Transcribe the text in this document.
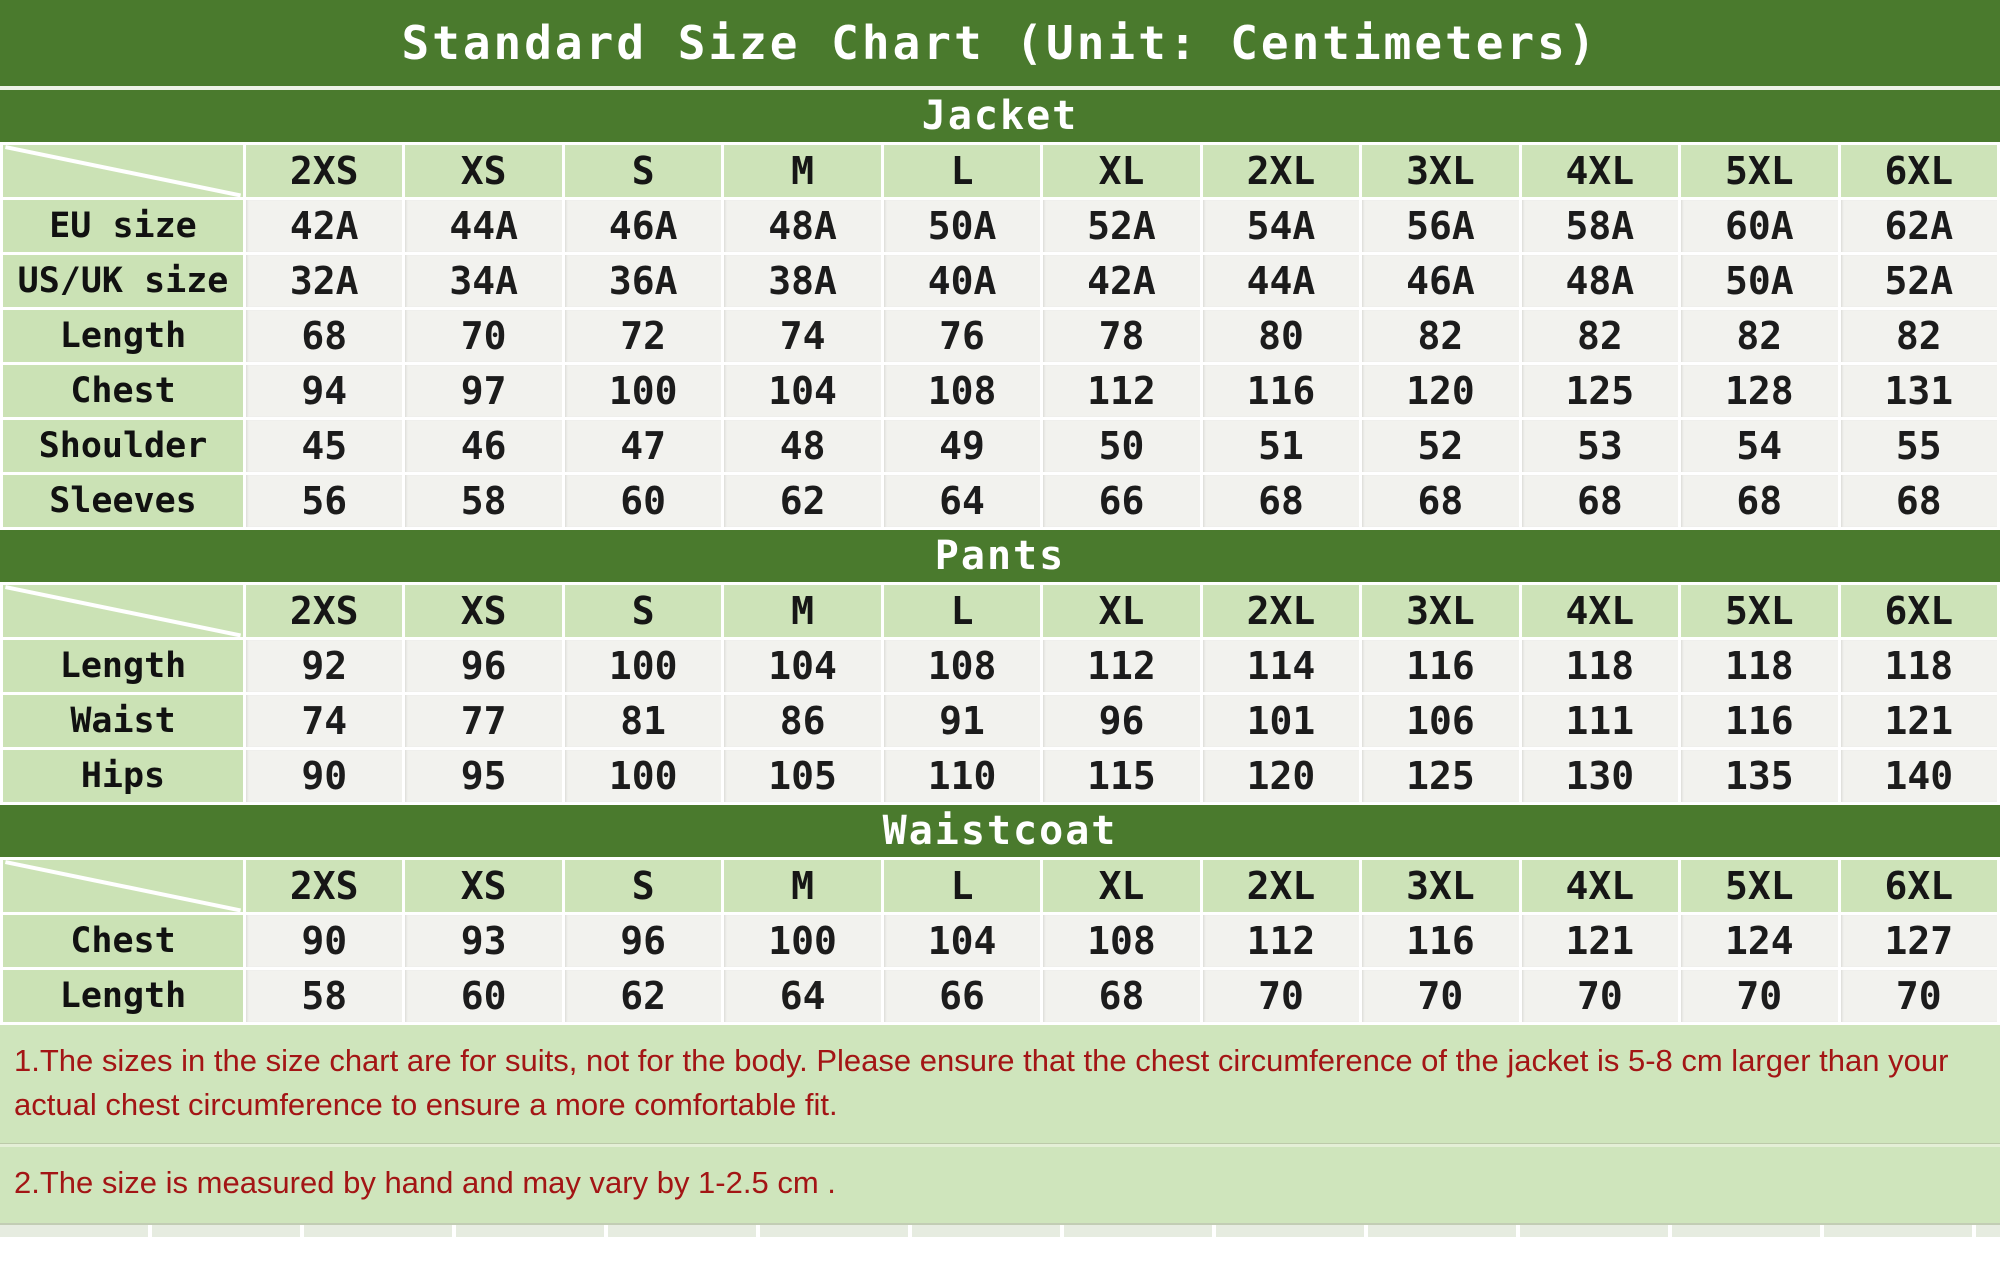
Standard Size Chart (Unit: Centimeters)
Jacket
	2XS	XS	S	M	L	XL	2XL	3XL	4XL	5XL	6XL
EU size	42A	44A	46A	48A	50A	52A	54A	56A	58A	60A	62A
US/UK size	32A	34A	36A	38A	40A	42A	44A	46A	48A	50A	52A
Length	68	70	72	74	76	78	80	82	82	82	82
Chest	94	97	100	104	108	112	116	120	125	128	131
Shoulder	45	46	47	48	49	50	51	52	53	54	55
Sleeves	56	58	60	62	64	66	68	68	68	68	68
Pants
	2XS	XS	S	M	L	XL	2XL	3XL	4XL	5XL	6XL
Length	92	96	100	104	108	112	114	116	118	118	118
Waist	74	77	81	86	91	96	101	106	111	116	121
Hips	90	95	100	105	110	115	120	125	130	135	140
Waistcoat
	2XS	XS	S	M	L	XL	2XL	3XL	4XL	5XL	6XL
Chest	90	93	96	100	104	108	112	116	121	124	127
Length	58	60	62	64	66	68	70	70	70	70	70

1.The sizes in the size chart are for suits, not for the body. Please ensure that the chest circumference of the jacket is 5-8 cm larger than your actual chest circumference to ensure a more comfortable fit.

2.The size is measured by hand and may vary by 1-2.5 cm .
